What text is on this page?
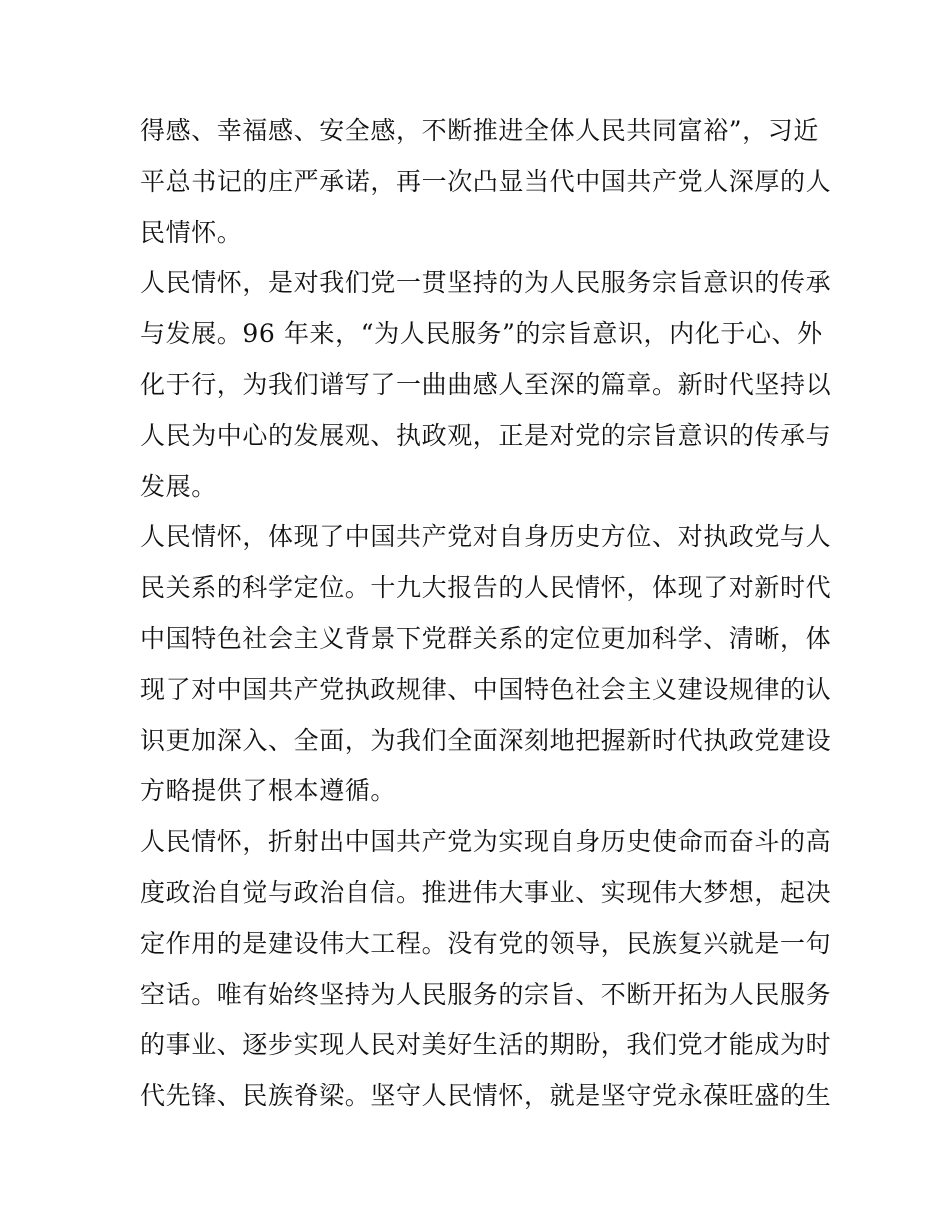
得感、幸福感、安全感，不断推进全体人民共同富裕”，习近
平总书记的庄严承诺，再一次凸显当代中国共产党人深厚的人
民情怀。
人民情怀，是对我们党一贯坚持的为人民服务宗旨意识的传承
与发展。96 年来，“为人民服务”的宗旨意识，内化于心、外
化于行，为我们谱写了一曲曲感人至深的篇章。新时代坚持以
人民为中心的发展观、执政观，正是对党的宗旨意识的传承与
发展。
人民情怀，体现了中国共产党对自身历史方位、对执政党与人
民关系的科学定位。十九大报告的人民情怀，体现了对新时代
中国特色社会主义背景下党群关系的定位更加科学、清晰，体
现了对中国共产党执政规律、中国特色社会主义建设规律的认
识更加深入、全面，为我们全面深刻地把握新时代执政党建设
方略提供了根本遵循。
人民情怀，折射出中国共产党为实现自身历史使命而奋斗的高
度政治自觉与政治自信。推进伟大事业、实现伟大梦想，起决
定作用的是建设伟大工程。没有党的领导，民族复兴就是一句
空话。唯有始终坚持为人民服务的宗旨、不断开拓为人民服务
的事业、逐步实现人民对美好生活的期盼，我们党才能成为时
代先锋、民族脊梁。坚守人民情怀，就是坚守党永葆旺盛的生
